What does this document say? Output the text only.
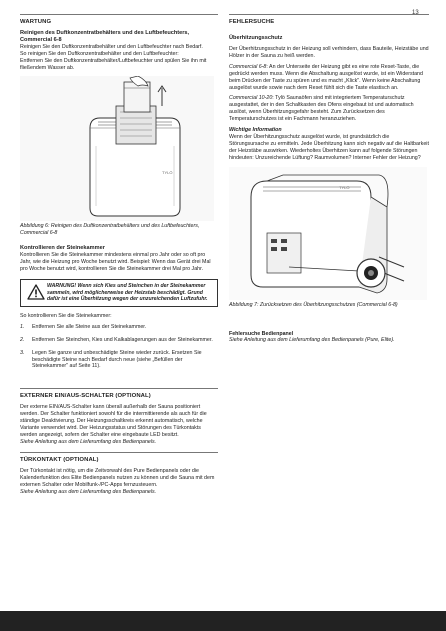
13
WARTUNG
Reinigen des Duftkonzentratbehälters und des Luftbefeuchters, Commercial 6-8

Reinigen Sie den Duftkonzentratbehälter und den Luftbefeuchter nach Bedarf.

So reinigen Sie den Duftkonzentratbehälter und den Luftbefeuchter:

Entfernen Sie den Duftkonzentratbehälter/Luftbefeuchter und spülen Sie ihn mit fließendem Wasser ab.

TYLÖ

Abbildung 6: Reinigen des Duftkonzentratbehälters und des Luftbefeuchters, Commercial 6-8

Kontrollieren der Steinekammer

Kontrollieren Sie die Steinekammer mindestens einmal pro Jahr oder so oft pro Jahr, wie die Heizung pro Woche benutzt wird. Beispiel: Wenn das Gerät drei Mal pro Woche benutzt wird, kontrollieren Sie die Steinekammer drei Mal pro Jahr.

WARNUNG! Wenn sich Kies und Steinchen in der Steinekammer sammeln, wird möglicherweise der Heizstab beschädigt. Grund dafür ist eine Überhitzung wegen der unzureichenden Luftzufuhr.

So kontrollieren Sie die Steinekammer:

1.	Entfernen Sie alle Steine aus der Steinekammer.
2.	Entfernen Sie Steinchen, Kies und Kalkablagerungen aus der Steinekammer.
3.	Legen Sie ganze und unbeschädigte Steine wieder zurück. Ersetzen Sie beschädigte Steine nach Bedarf durch neue (siehe „Befüllen der Steinekammer" auf Seite 11).
EXTERNER EIN/AUS-SCHALTER (OPTIONAL)

Der externe EIN/AUS-Schalter kann überall außerhalb der Sauna positioniert werden. Der Schalter funktioniert sowohl für die intermittierende als auch für die ständige Deaktivierung. Der Heizungsschaltkreis erkennt automatisch, welche Variante verwendet wird. Der Heizungsstatus und Störungen des Türkontakts werden angezeigt, sofern der Schalter eine eingebaute LED besitzt.

Siehe Anleitung aus dem Lieferumfang des Bedienpanels.

TÜRKONTAKT (OPTIONAL)

Der Türkontakt ist nötig, um die Zeitvorwahl des Pure Bedienpanels oder die Kalenderfunktion des Elite Bedienpanels nutzen zu können und die Sauna mit dem externen Schalter oder Mobilfunk-/PC-Apps fernzusteuern.

Siehe Anleitung aus dem Lieferumfang des Bedienpanels.

FEHLERSUCHE
Überhitzungsschutz

Der Überhitzungsschutz in der Heizung soll verhindern, dass Bauteile, Heizstäbe und Hölzer in der Sauna zu heiß werden.

Commercial 6-8: An der Unterseite der Heizung gibt es eine rote Reset-Taste, die gedrückt werden muss. Wenn die Abschaltung ausgelöst wurde, ist ein Widerstand beim Drücken der Taste zu spüren und es macht „Klick". Wenn keine Abschaltung ausgelöst wurde sowie nach dem Reset fühlt sich die Taste elastisch an.

Commercial 10-20: Tylö Saunaöfen sind mit integriertem Temperaturschutz ausgestattet, der in den Schaltkasten des Ofens eingebaut ist und automatisch auslöst, wenn Überhitzungsgefahr besteht. Zum Zurücksetzen des Temperaturschutzes ist ein Fachmann heranzuziehen.

Wichtige Information

Wenn der Überhitzungsschutz ausgelöst wurde, ist grundsätzlich die Störungsursache zu ermitteln. Jede Überhitzung kann sich negativ auf die Haltbarkeit der Heizstäbe auswirken. Wiederholtes Überhitzen kann auf folgende Störungen hindeuten: Unzureichende Lüftung? Raumvolumen? Interner Fehler der Heizung?

TYLÖ

Abbildung 7: Zurücksetzen des Überhitzungsschutzes (Commercial 6-8)

Fehlersuche Bedienpanel

Siehe Anleitung aus dem Lieferumfang des Bedienpanels (Pure, Elite).
